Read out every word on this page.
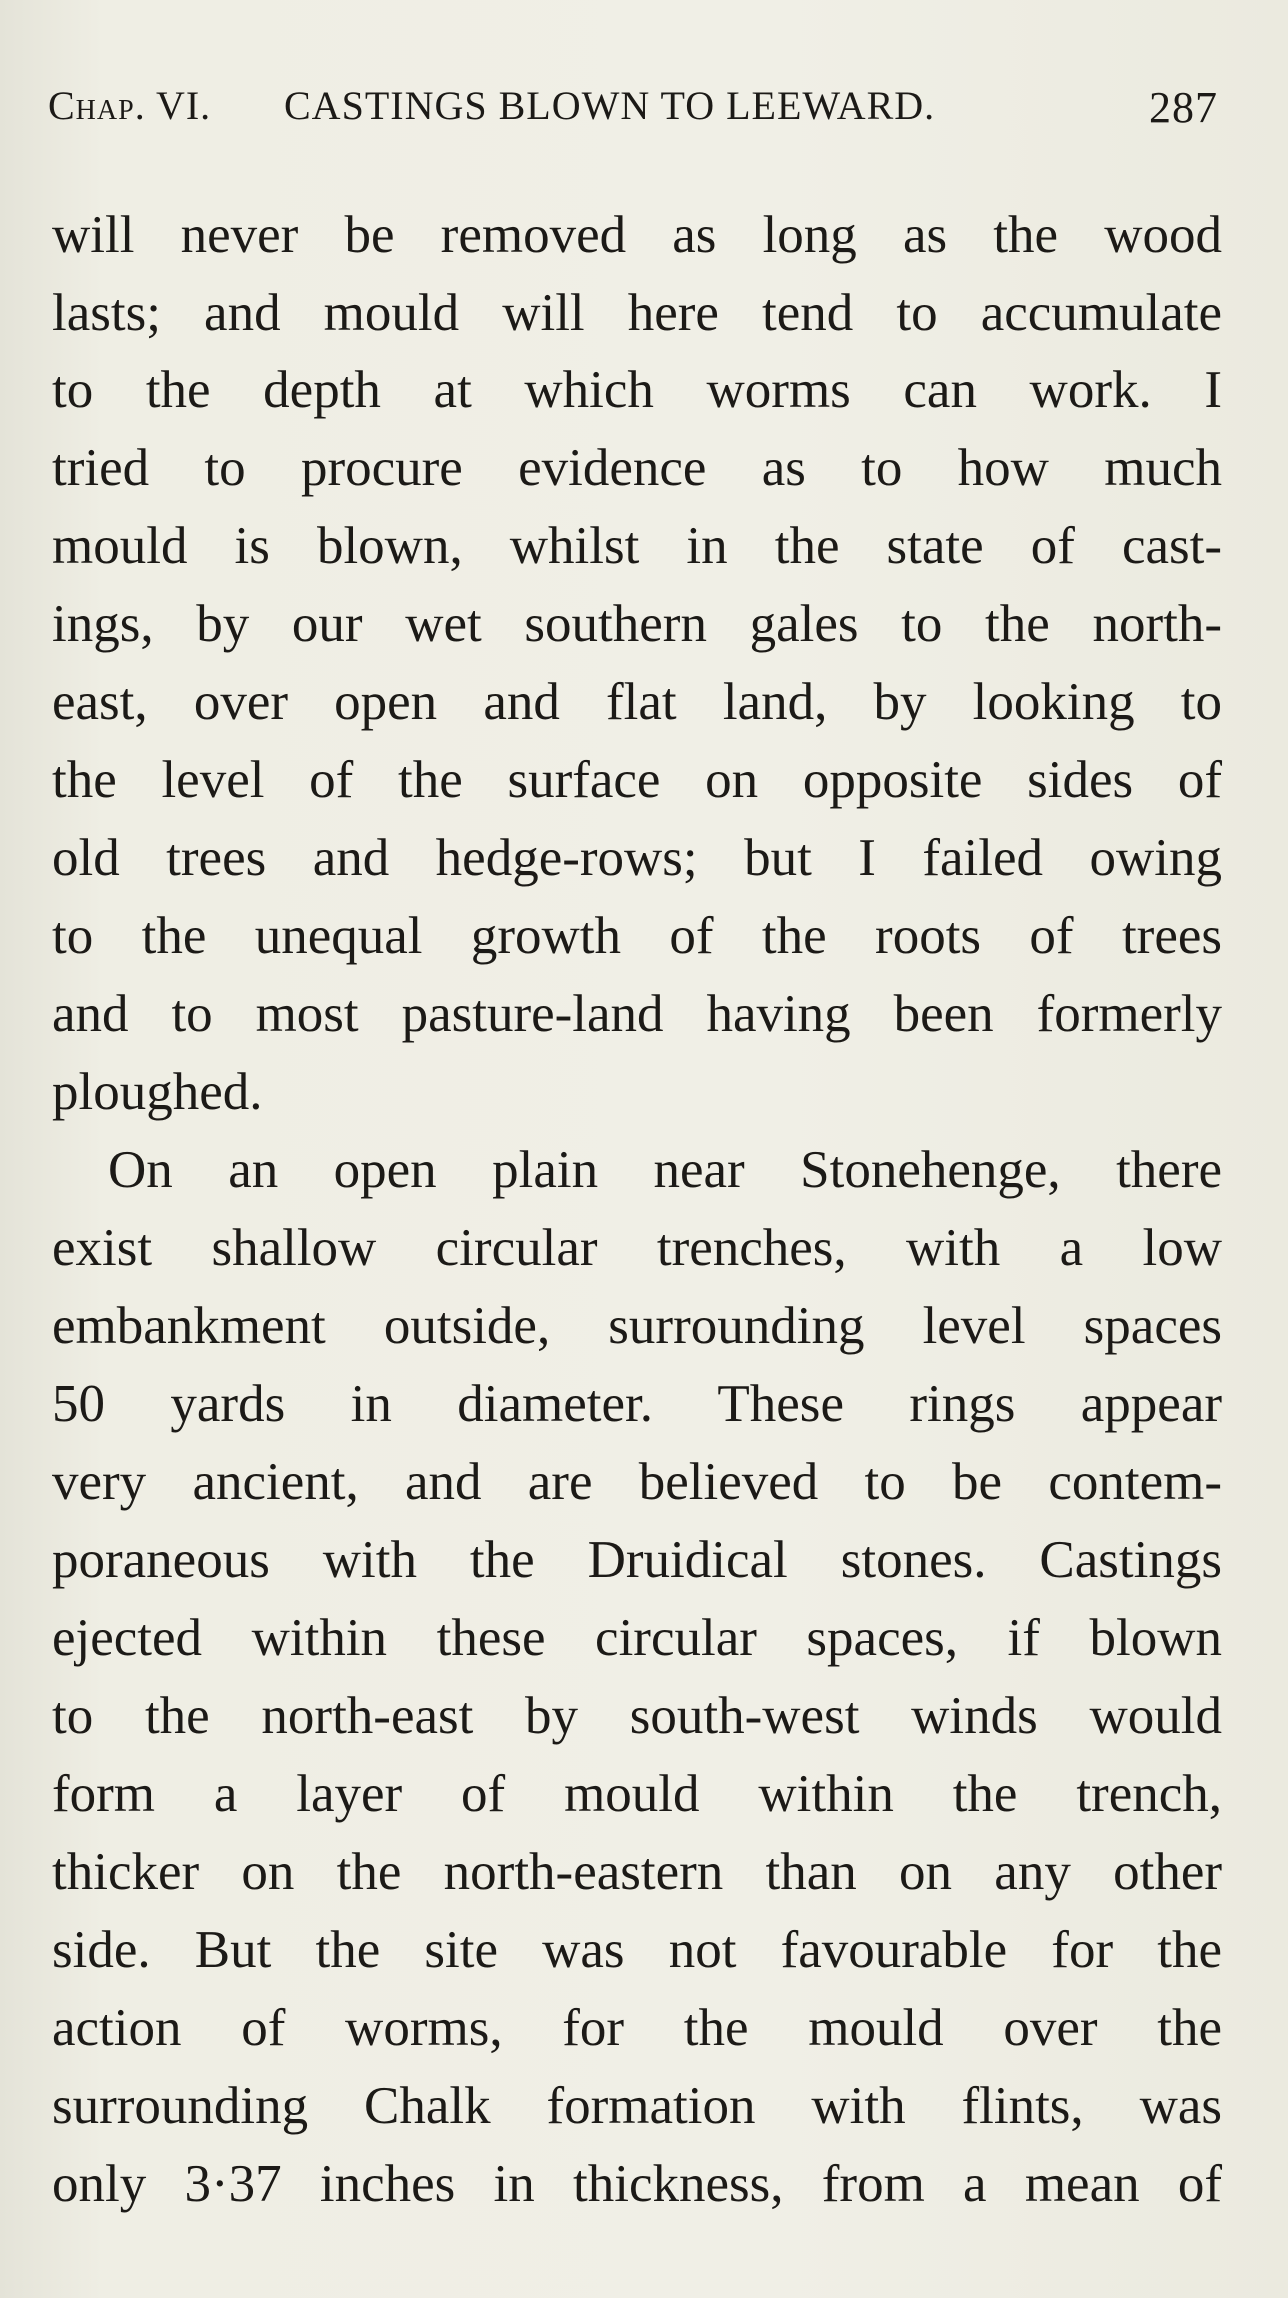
Chap. VI. CASTINGS BLOWN TO LEEWARD.	287
will never be removed as long as the wood
lasts; and mould will here tend to accumulate
to the depth at which worms can work. I
tried to procure evidence as to how much
mould is blown, whilst in the state of cast-
ings, by our wet southern gales to the north-
east, over open and flat land, by looking to
the level of the surface on opposite sides of
old trees and hedge-rows; but I failed owing
to the unequal growth of the roots of trees
and to most pasture-land having been formerly
ploughed.
On an open plain near Stonehenge, there
exist shallow circular trenches, with a low
embankment outside, surrounding level spaces
50 yards in diameter. These rings appear
very ancient, and are believed to be contem-
poraneous with the Druidical stones. Castings
ejected within these circular spaces, if blown
to the north-east by south-west winds would
form a layer of mould within the trench,
thicker on the north-eastern than on any other
side. But the site was not favourable for the
action of worms, for the mould over the
surrounding Chalk formation with flints, was
only 3·37 inches in thickness, from a mean of
